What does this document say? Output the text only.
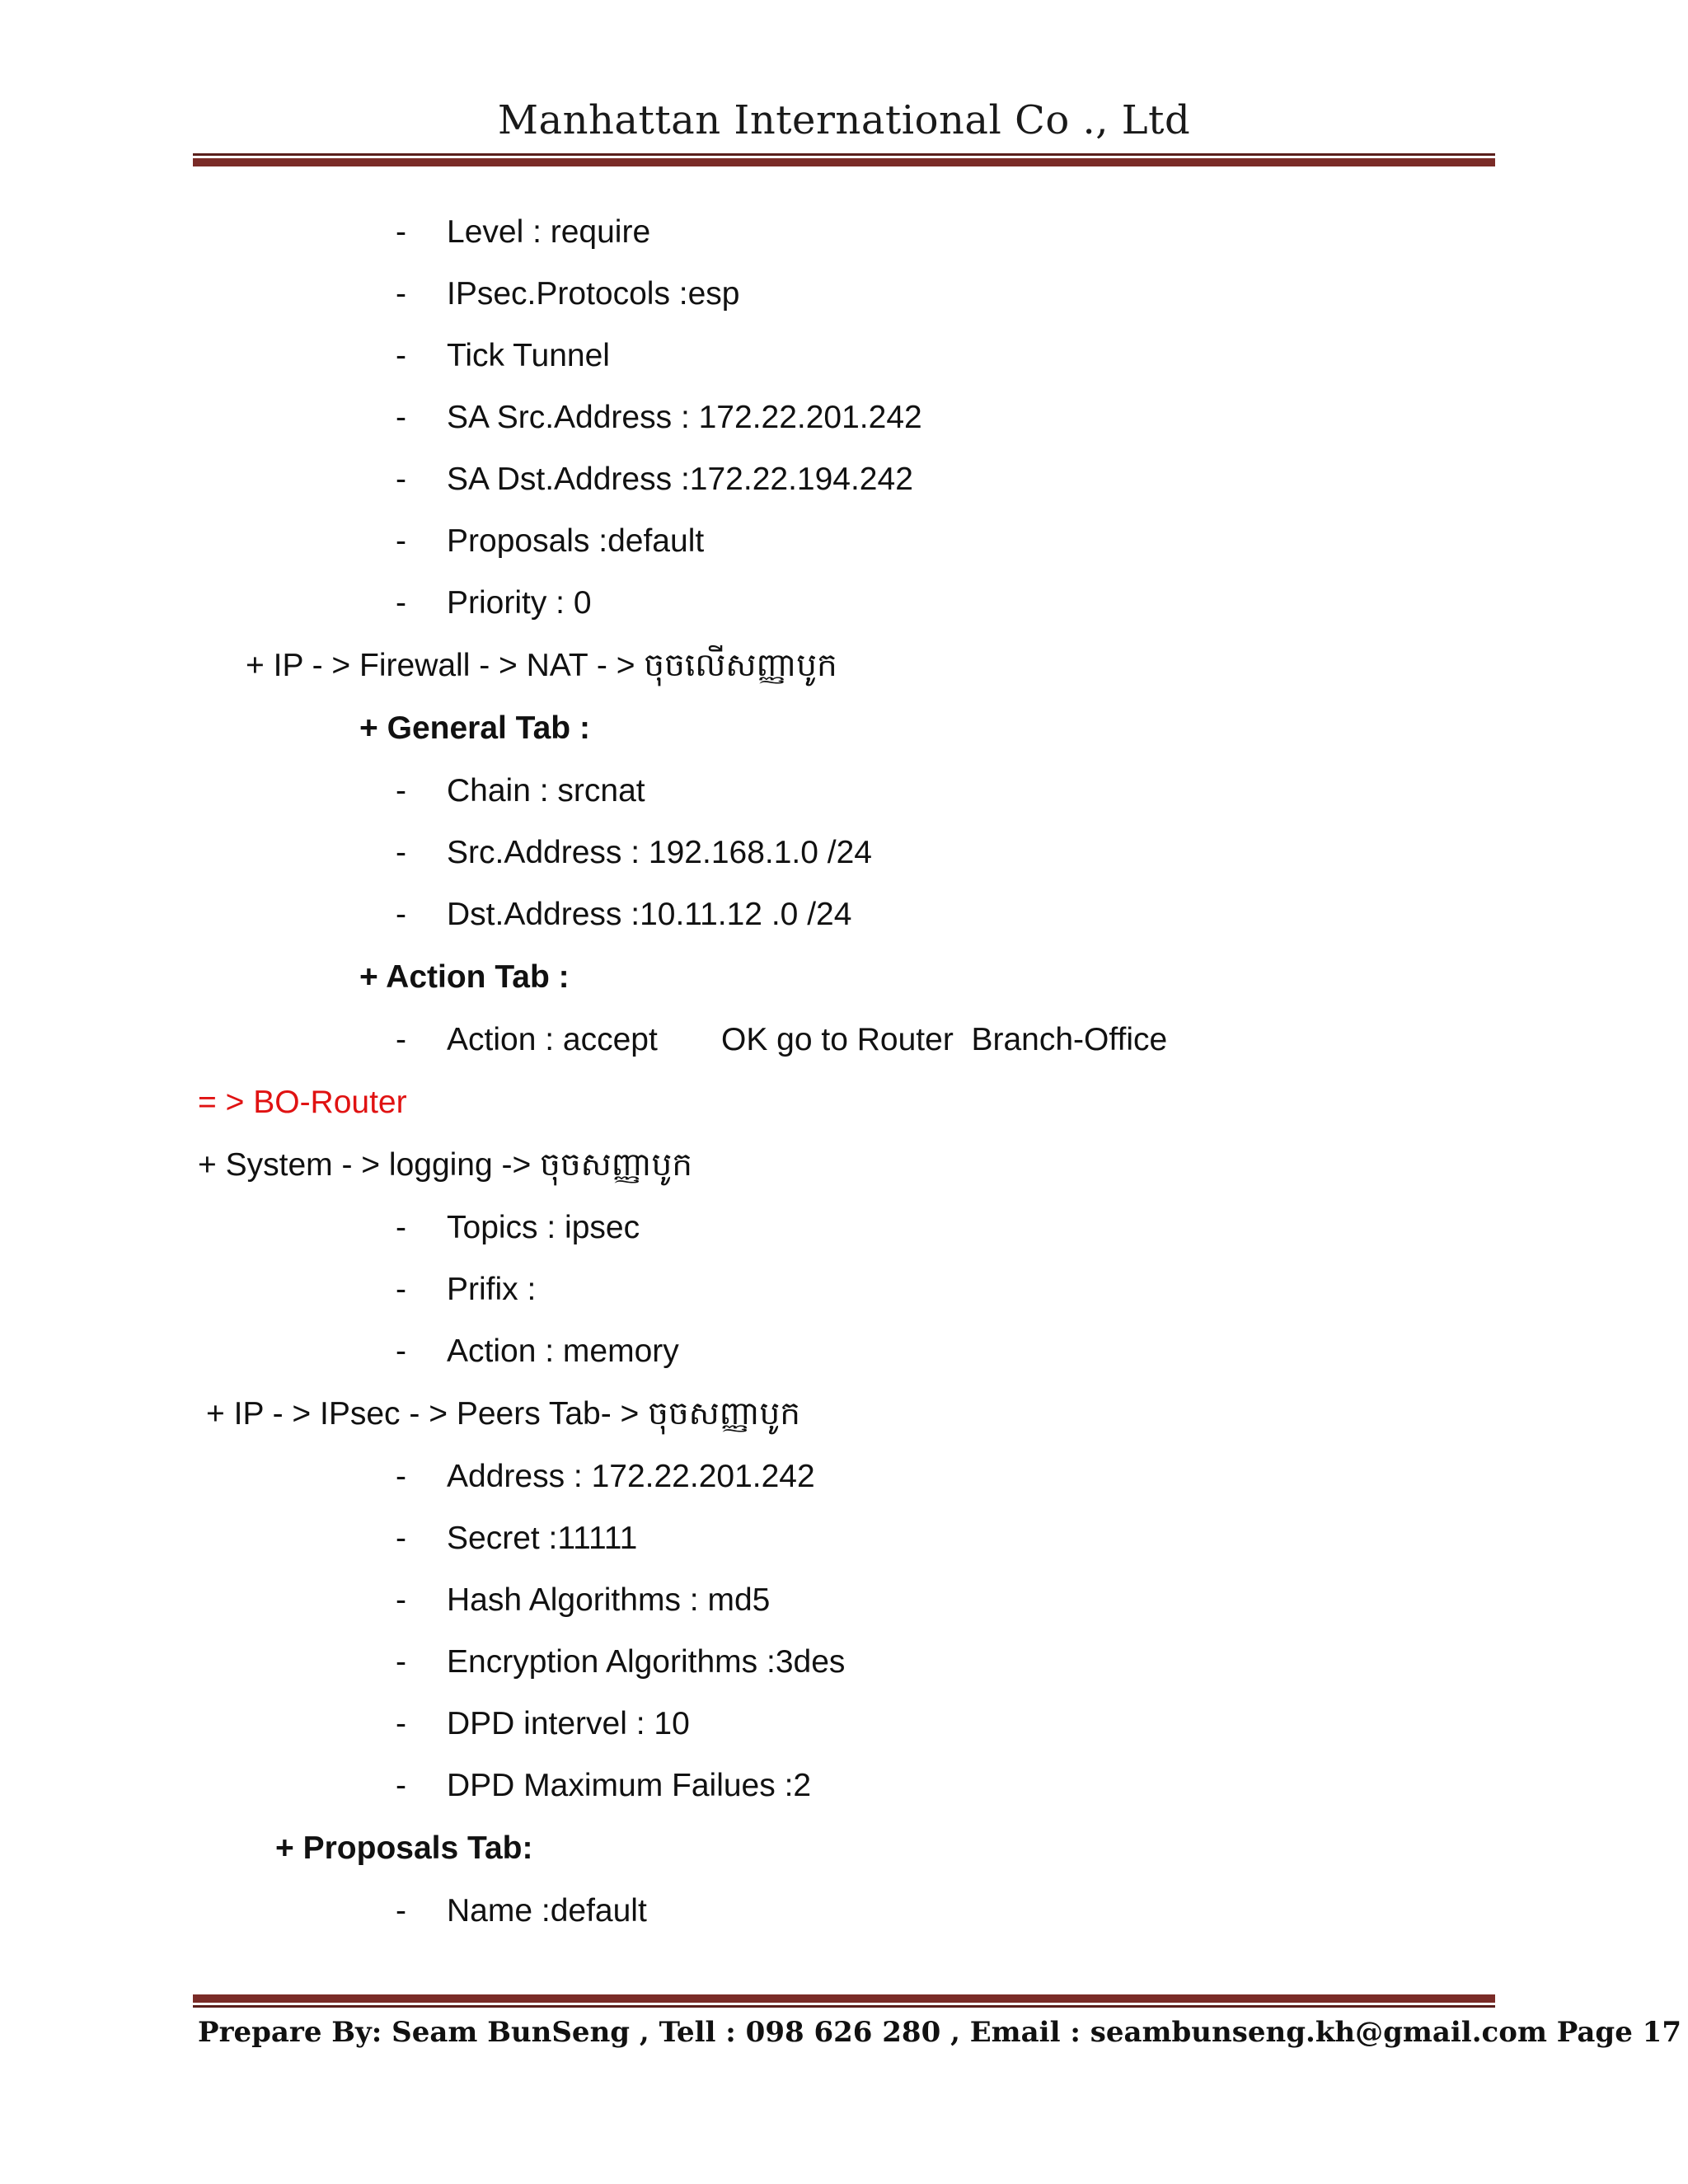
Manhattan International Co ., Ltd
- Level : require
- IPsec.Protocols :esp
- Tick Tunnel
- SA Src.Address : 172.22.201.242
- SA Dst.Address :172.22.194.242
- Proposals :default
- Priority : 0
+ IP - > Firewall - > NAT - > ចុចលើសញ្ញាបូក
+ General Tab :
- Chain : srcnat
- Src.Address : 192.168.1.0 /24
- Dst.Address :10.11.12 .0 /24
+ Action Tab :
- Action : accept OK go to Router  Branch-Office
= > BO-Router
+ System - > logging -> ចុចសញ្ញាបូក
- Topics : ipsec
- Prifix :
- Action : memory
+ IP - > IPsec - > Peers Tab- > ចុចសញ្ញាបូក
- Address : 172.22.201.242
- Secret :11111
- Hash Algorithms : md5
- Encryption Algorithms :3des
- DPD intervel : 10
- DPD Maximum Failues :2
+ Proposals Tab:
- Name :default
Prepare By: Seam BunSeng , Tell : 098 626 280 , Email : seambunseng.kh@gmail.com Page 17
